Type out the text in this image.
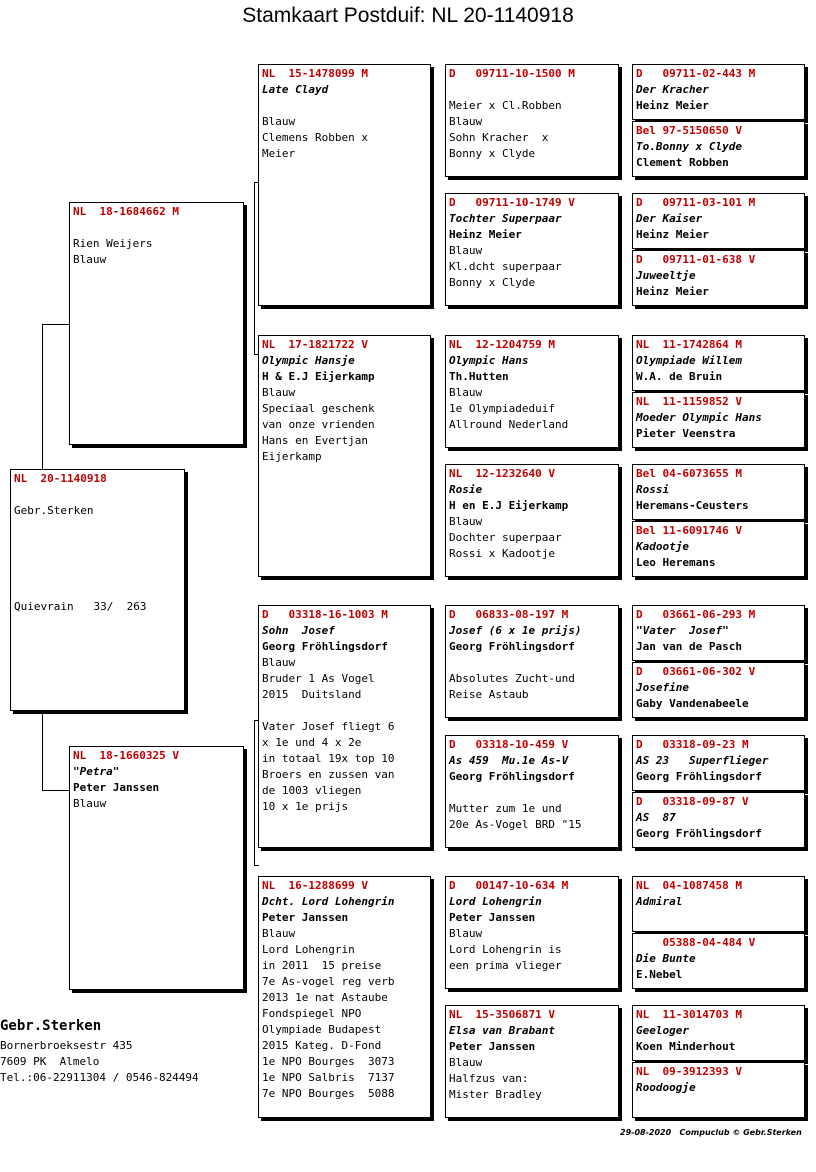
Stamkaart Postduif: NL 20-1140918
NL  20-1140918
Gebr.Sterken
Quievrain   33/  263
NL  18-1684662 M
Rien Weijers
Blauw
NL  18-1660325 V
"Petra"
Peter Janssen
Blauw
NL  15-1478099 M
Late Clayd
Blauw
Clemens Robben x
Meier
NL  17-1821722 V
Olympic Hansje
H & E.J Eijerkamp
Blauw
Speciaal geschenk
van onze vrienden
Hans en Evertjan
Eijerkamp
D   03318-16-1003 M
Sohn  Josef
Georg Fröhlingsdorf
Blauw
Bruder 1 As Vogel
2015  Duitsland
Vater Josef fliegt 6
x 1e und 4 x 2e
in totaal 19x top 10
Broers en zussen van
de 1003 vliegen
10 x 1e prijs
NL  16-1288699 V
Dcht. Lord Lohengrin
Peter Janssen
Blauw
Lord Lohengrin
in 2011  15 preise
7e As-vogel reg verb
2013 1e nat Astaube
Fondspiegel NPO
Olympiade Budapest
2015 Kateg. D-Fond
1e NPO Bourges  3073
1e NPO Salbris  7137
7e NPO Bourges  5088
D   09711-10-1500 M
Meier x Cl.Robben
Blauw
Sohn Kracher  x
Bonny x Clyde
D   09711-10-1749 V
Tochter Superpaar
Heinz Meier
Blauw
Kl.dcht superpaar
Bonny x Clyde
NL  12-1204759 M
Olympic Hans
Th.Hutten
Blauw
1e Olympiadeduif
Allround Nederland
NL  12-1232640 V
Rosie
H en E.J Eijerkamp
Blauw
Dochter superpaar
Rossi x Kadootje
D   06833-08-197 M
Josef (6 x 1e prijs)
Georg Fröhlingsdorf
Absolutes Zucht-und
Reise Astaub
D   03318-10-459 V
As 459  Mu.1e As-V
Georg Fröhlingsdorf
Mutter zum 1e und
20e As-Vogel BRD "15
D   00147-10-634 M
Lord Lohengrin
Peter Janssen
Blauw
Lord Lohengrin is
een prima vlieger
NL  15-3506871 V
Elsa van Brabant
Peter Janssen
Blauw
Halfzus van:
Mister Bradley
D   09711-02-443 M
Der Kracher
Heinz Meier
Bel 97-5150650 V
To.Bonny x Clyde
Clement Robben
D   09711-03-101 M
Der Kaiser
Heinz Meier
D   09711-01-638 V
Juweeltje
Heinz Meier
NL  11-1742864 M
Olympiade Willem
W.A. de Bruin
NL  11-1159852 V
Moeder Olympic Hans
Pieter Veenstra
Bel 04-6073655 M
Rossi
Heremans-Ceusters
Bel 11-6091746 V
Kadootje
Leo Heremans
D   03661-06-293 M
"Vater  Josef"
Jan van de Pasch
D   03661-06-302 V
Josefine
Gaby Vandenabeele
D   03318-09-23 M
AS 23   Superflieger
Georg Fröhlingsdorf
D   03318-09-87 V
AS  87
Georg Fröhlingsdorf
NL  04-1087458 M
Admiral
05388-04-484 V
Die Bunte
E.Nebel
NL  11-3014703 M
Geeloger
Koen Minderhout
NL  09-3912393 V
Roodoogje
Gebr.Sterken
Bornerbroeksestr 435
7609 PK  Almelo
Tel.:06-22911304 / 0546-824494
29-08-2020   Compuclub © Gebr.Sterken
